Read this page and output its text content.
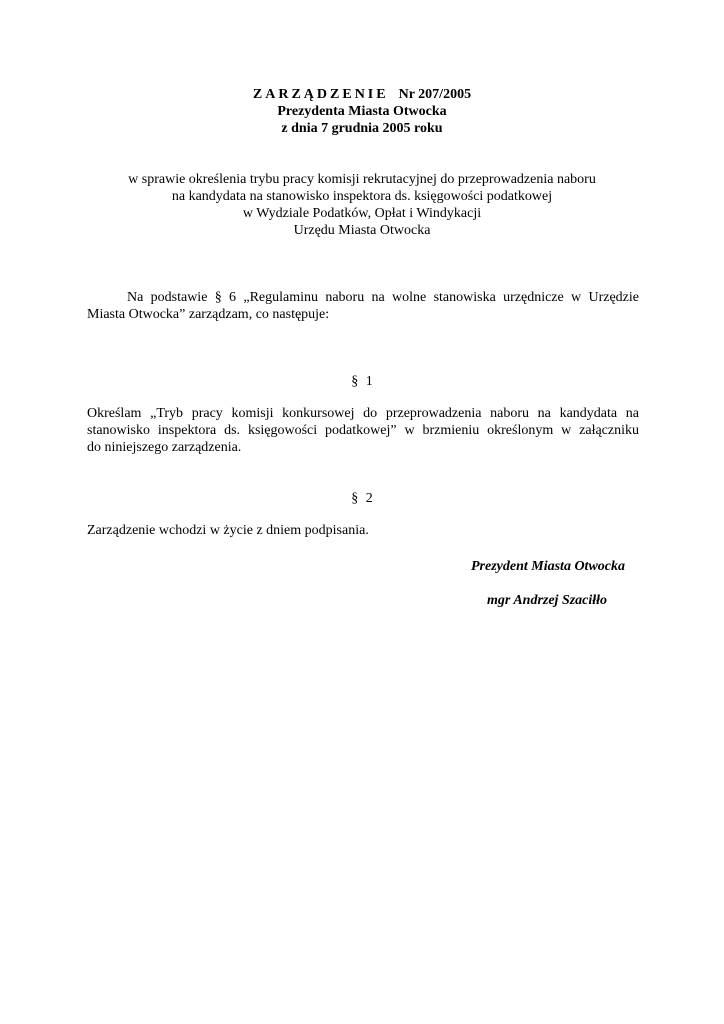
ZARZĄDZENIE Nr 207/2005
Prezydenta Miasta Otwocka
z dnia 7 grudnia 2005 roku
w sprawie określenia trybu pracy komisji rekrutacyjnej do przeprowadzenia naboru
na kandydata na stanowisko inspektora ds. księgowości podatkowej
w Wydziale Podatków, Opłat i Windykacji
Urzędu Miasta Otwocka
Na podstawie § 6 „Regulaminu naboru na wolne stanowiska urzędnicze w Urzędzie
Miasta Otwocka” zarządzam, co następuje:
§ 1
Określam „Tryb pracy komisji konkursowej do przeprowadzenia naboru na kandydata na
stanowisko inspektora ds. księgowości podatkowej” w brzmieniu określonym w załączniku
do niniejszego zarządzenia.
§ 2
Zarządzenie wchodzi w życie z dniem podpisania.
Prezydent Miasta Otwocka
mgr Andrzej Szaciłło
